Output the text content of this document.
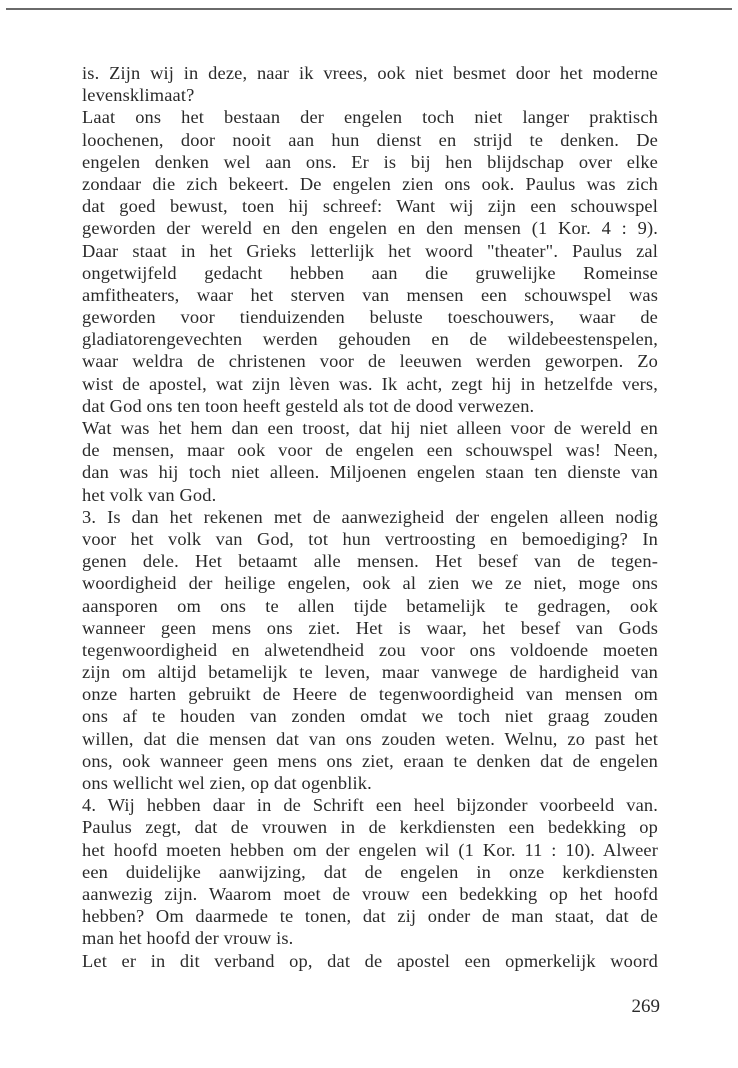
is. Zijn wij in deze, naar ik vrees, ook niet besmet door het moderne
levensklimaat?
Laat ons het bestaan der engelen toch niet langer praktisch
loochenen, door nooit aan hun dienst en strijd te denken. De
engelen denken wel aan ons. Er is bij hen blijdschap over elke
zondaar die zich bekeert. De engelen zien ons ook. Paulus was zich
dat goed bewust, toen hij schreef: Want wij zijn een schouwspel
geworden der wereld en den engelen en den mensen (1 Kor. 4 : 9).
Daar staat in het Grieks letterlijk het woord "theater". Paulus zal
ongetwijfeld gedacht hebben aan die gruwelijke Romeinse
amfitheaters, waar het sterven van mensen een schouwspel was
geworden voor tienduizenden beluste toeschouwers, waar de
gladiatorengevechten werden gehouden en de wildebeestenspelen,
waar weldra de christenen voor de leeuwen werden geworpen. Zo
wist de apostel, wat zijn lèven was. Ik acht, zegt hij in hetzelfde vers,
dat God ons ten toon heeft gesteld als tot de dood verwezen.
Wat was het hem dan een troost, dat hij niet alleen voor de wereld en
de mensen, maar ook voor de engelen een schouwspel was! Neen,
dan was hij toch niet alleen. Miljoenen engelen staan ten dienste van
het volk van God.
3. Is dan het rekenen met de aanwezigheid der engelen alleen nodig
voor het volk van God, tot hun vertroosting en bemoediging? In
genen dele. Het betaamt alle mensen. Het besef van de tegen-
woordigheid der heilige engelen, ook al zien we ze niet, moge ons
aansporen om ons te allen tijde betamelijk te gedragen, ook
wanneer geen mens ons ziet. Het is waar, het besef van Gods
tegenwoordigheid en alwetendheid zou voor ons voldoende moeten
zijn om altijd betamelijk te leven, maar vanwege de hardigheid van
onze harten gebruikt de Heere de tegenwoordigheid van mensen om
ons af te houden van zonden omdat we toch niet graag zouden
willen, dat die mensen dat van ons zouden weten. Welnu, zo past het
ons, ook wanneer geen mens ons ziet, eraan te denken dat de engelen
ons wellicht wel zien, op dat ogenblik.
4. Wij hebben daar in de Schrift een heel bijzonder voorbeeld van.
Paulus zegt, dat de vrouwen in de kerkdiensten een bedekking op
het hoofd moeten hebben om der engelen wil (1 Kor. 11 : 10). Alweer
een duidelijke aanwijzing, dat de engelen in onze kerkdiensten
aanwezig zijn. Waarom moet de vrouw een bedekking op het hoofd
hebben? Om daarmede te tonen, dat zij onder de man staat, dat de
man het hoofd der vrouw is.
Let er in dit verband op, dat de apostel een opmerkelijk woord
269
